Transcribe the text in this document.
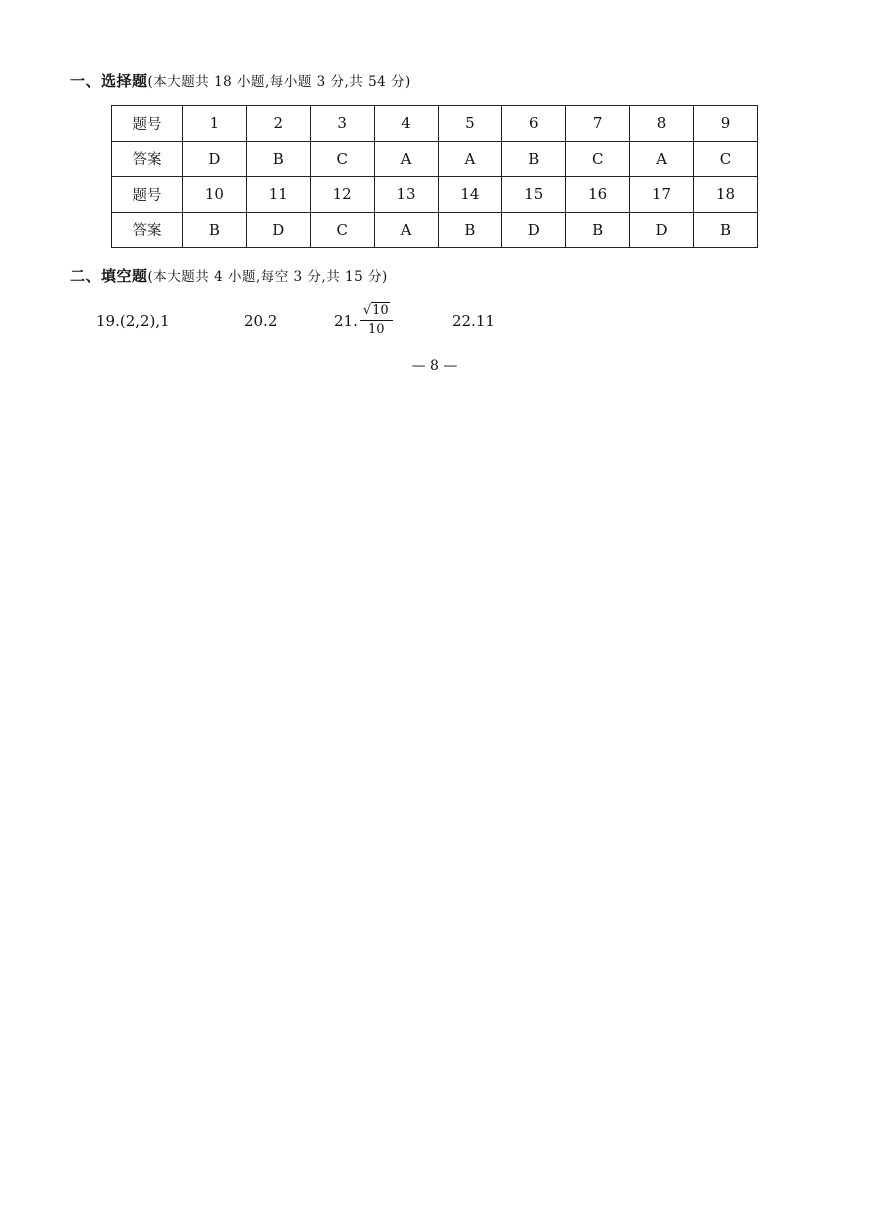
一、选择题(本大题共 18 小题,每小题 3 分,共 54 分)
题号	1	2	3	4	5	6	7	8	9
答案	D	B	C	A	A	B	C	A	C
题号	10	11	12	13	14	15	16	17	18
答案	B	D	C	A	B	D	B	D	B
二、填空题(本大题共 4 小题,每空 3 分,共 15 分)
19.(2,2),1	20.2	21. $\frac{√10}{10}$	22.11
— 8 —
